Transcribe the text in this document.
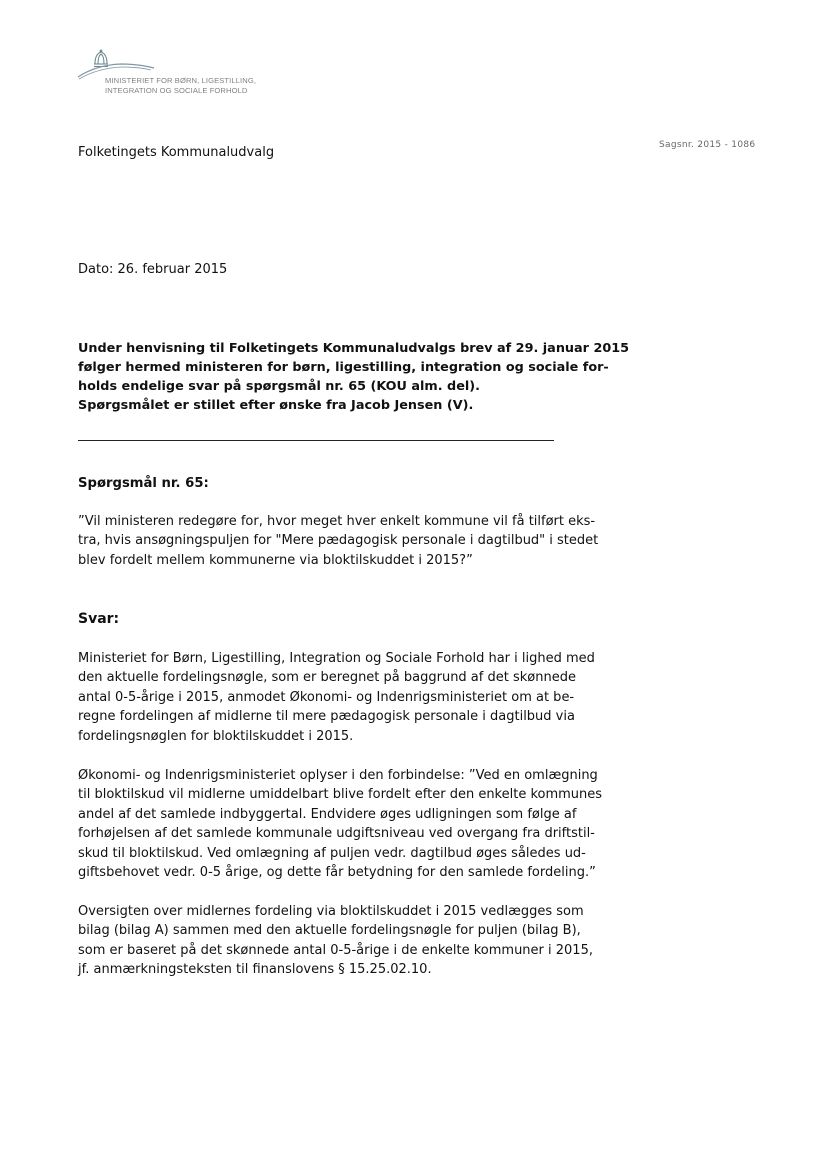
MINISTERIET FOR BØRN, LIGESTILLING,
INTEGRATION OG SOCIALE FORHOLD
Folketingets Kommunaludvalg	Sagsnr. 2015 - 1086
Dato: 26. februar 2015
Under henvisning til Folketingets Kommunaludvalgs brev af 29. januar 2015
følger hermed ministeren for børn, ligestilling, integration og sociale for-
holds endelige svar på spørgsmål nr. 65 (KOU alm. del).
Spørgsmålet er stillet efter ønske fra Jacob Jensen (V).
Spørgsmål nr. 65:
”Vil ministeren redegøre for, hvor meget hver enkelt kommune vil få tilført eks-
tra, hvis ansøgningspuljen for "Mere pædagogisk personale i dagtilbud" i stedet
blev fordelt mellem kommunerne via bloktilskuddet i 2015?”
Svar:
Ministeriet for Børn, Ligestilling, Integration og Sociale Forhold har i lighed med
den aktuelle fordelingsnøgle, som er beregnet på baggrund af det skønnede
antal 0-5-årige i 2015, anmodet Økonomi- og Indenrigsministeriet om at be-
regne fordelingen af midlerne til mere pædagogisk personale i dagtilbud via
fordelingsnøglen for bloktilskuddet i 2015.
Økonomi- og Indenrigsministeriet oplyser i den forbindelse: ”Ved en omlægning
til bloktilskud vil midlerne umiddelbart blive fordelt efter den enkelte kommunes
andel af det samlede indbyggertal. Endvidere øges udligningen som følge af
forhøjelsen af det samlede kommunale udgiftsniveau ved overgang fra driftstil-
skud til bloktilskud. Ved omlægning af puljen vedr. dagtilbud øges således ud-
giftsbehovet vedr. 0-5 årige, og dette får betydning for den samlede fordeling.”
Oversigten over midlernes fordeling via bloktilskuddet i 2015 vedlægges som
bilag (bilag A) sammen med den aktuelle fordelingsnøgle for puljen (bilag B),
som er baseret på det skønnede antal 0-5-årige i de enkelte kommuner i 2015,
jf. anmærkningsteksten til finanslovens § 15.25.02.10.
